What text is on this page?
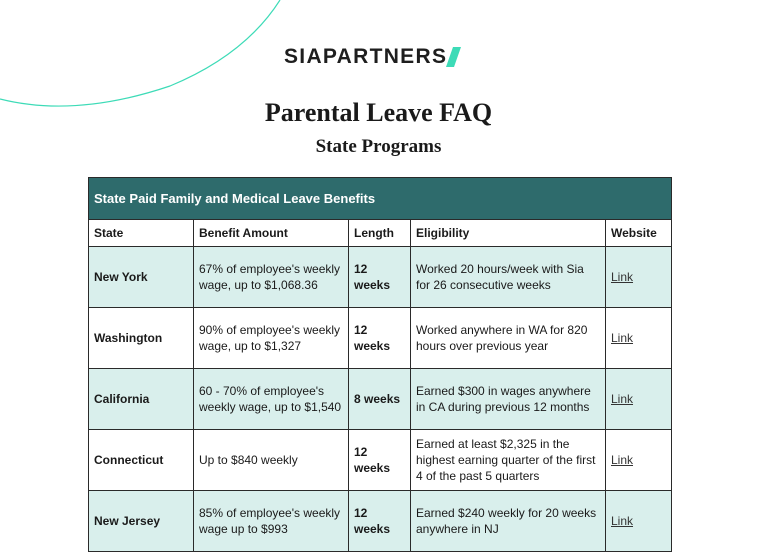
SIAPARTNERS
Parental Leave FAQ
State Programs
State Paid Family and Medical Leave Benefits				
State	Benefit Amount	Length	Eligibility	Website
New York	67% of employee's weekly wage, up to $1,068.36	12 weeks	Worked 20 hours/week with Sia for 26 consecutive weeks	Link
Washington	90% of employee's weekly wage, up to $1,327	12 weeks	Worked anywhere in WA for 820 hours over previous year	Link
California	60 - 70% of employee's weekly wage, up to $1,540	8 weeks	Earned $300 in wages anywhere in CA during previous 12 months	Link
Connecticut	Up to $840 weekly	12 weeks	Earned at least $2,325 in the highest earning quarter of the first 4 of the past 5 quarters	Link
New Jersey	85% of employee's weekly wage up to $993	12 weeks	Earned $240 weekly for 20 weeks anywhere in NJ	Link
